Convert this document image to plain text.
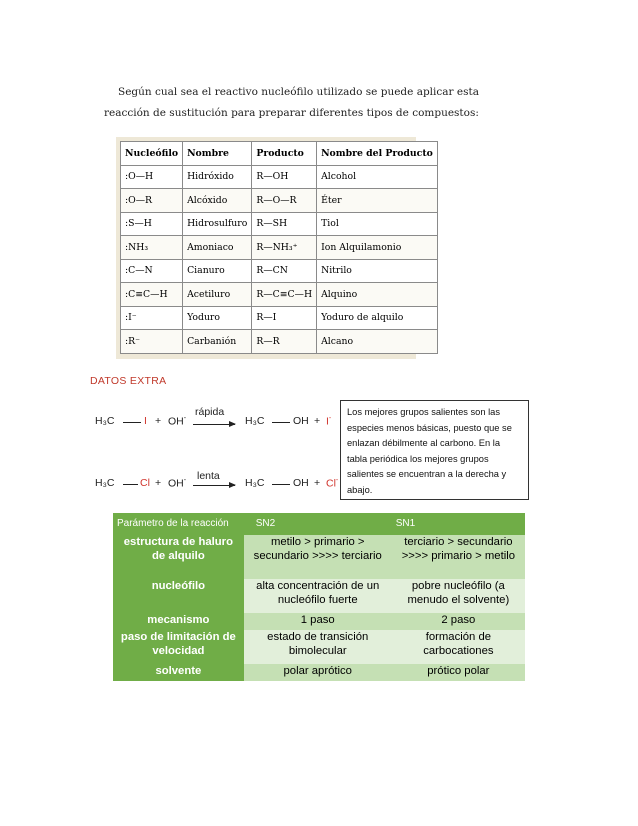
Según cual sea el reactivo nucleófilo utilizado se puede aplicar esta
reacción de sustitución para preparar diferentes tipos de compuestos:
Nucleófilo	Nombre	Producto	Nombre del Producto
:O—H	Hidróxido	R—OH	Alcohol
:O—R	Alcóxido	R—O—R	Éter
:S—H	Hidrosulfuro	R—SH	Tiol
:NH₃	Amoniaco	R—NH₃⁺	Ion Alquilamonio
:C—N	Cianuro	R—CN	Nitrilo
:C≡C—H	Acetiluro	R—C≡C—H	Alquino
:I⁻	Yoduro	R—I	Yoduro de alquilo
:R⁻	Carbanión	R—R	Alcano
DATOS EXTRA
H₃C	I + OH-
rápida
→ H₃C	OH + I-
H₃C Cl + OH- lenta
→ H₃C	OH + Cl-
Los mejores grupos salientes son las especies menos básicas, puesto que se enlazan débilmente al carbono. En la tabla periódica los mejores grupos salientes se encuentran a la derecha y abajo.
Parámetro de la reacción	SN2	SN1
estructura de haluro de alquilo	metilo > primario > secundario >>>> terciario	terciario > secundario >>>> primario > metilo
nucleófilo	alta concentración de un nucleófilo fuerte	pobre nucleófilo (a menudo el solvente)
mecanismo	1 paso	2 paso
paso de limitación de velocidad	estado de transición bimolecular	formación de carbocationes
solvente	polar aprótico	prótico polar
